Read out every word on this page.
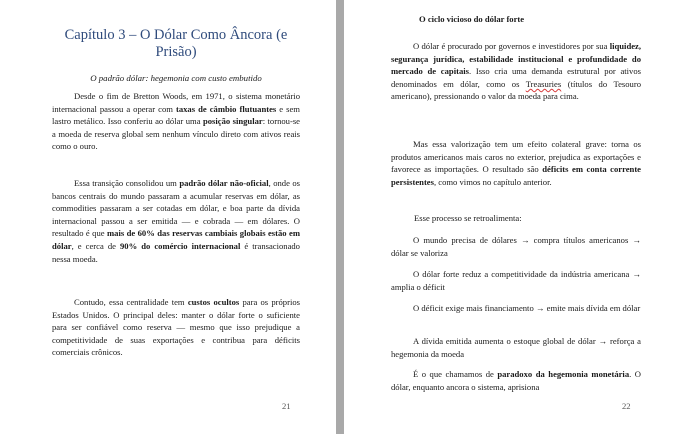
Capítulo 3 – O Dólar Como Âncora (e Prisão)

O padrão dólar: hegemonia com custo embutido

Desde o fim de Bretton Woods, em 1971, o sistema monetário internacional passou a operar com taxas de câmbio flutuantes e sem lastro metálico. Isso conferiu ao dólar uma posição singular: tornou-se a moeda de reserva global sem nenhum vínculo direto com ativos reais como o ouro.

Essa transição consolidou um padrão dólar não-oficial, onde os bancos centrais do mundo passaram a acumular reservas em dólar, as commodities passaram a ser cotadas em dólar, e boa parte da dívida internacional passou a ser emitida — e cobrada — em dólares. O resultado é que mais de 60% das reservas cambiais globais estão em dólar, e cerca de 90% do comércio internacional é transacionado nessa moeda.

Contudo, essa centralidade tem custos ocultos para os próprios Estados Unidos. O principal deles: manter o dólar forte o suficiente para ser confiável como reserva — mesmo que isso prejudique a competitividade de suas exportações e contribua para déficits comerciais crônicos.

21

O ciclo vicioso do dólar forte

O dólar é procurado por governos e investidores por sua liquidez, segurança jurídica, estabilidade institucional e profundidade do mercado de capitais. Isso cria uma demanda estrutural por ativos denominados em dólar, como os Treasuries (títulos do Tesouro americano), pressionando o valor da moeda para cima.

Mas essa valorização tem um efeito colateral grave: torna os produtos americanos mais caros no exterior, prejudica as exportações e favorece as importações. O resultado são déficits em conta corrente persistentes, como vimos no capítulo anterior.

Esse processo se retroalimenta:

O mundo precisa de dólares → compra títulos americanos → dólar se valoriza

O dólar forte reduz a competitividade da indústria americana → amplia o déficit

O déficit exige mais financiamento → emite mais dívida em dólar

A dívida emitida aumenta o estoque global de dólar → reforça a hegemonia da moeda

É o que chamamos de paradoxo da hegemonia monetária. O dólar, enquanto ancora o sistema, aprisiona

22
